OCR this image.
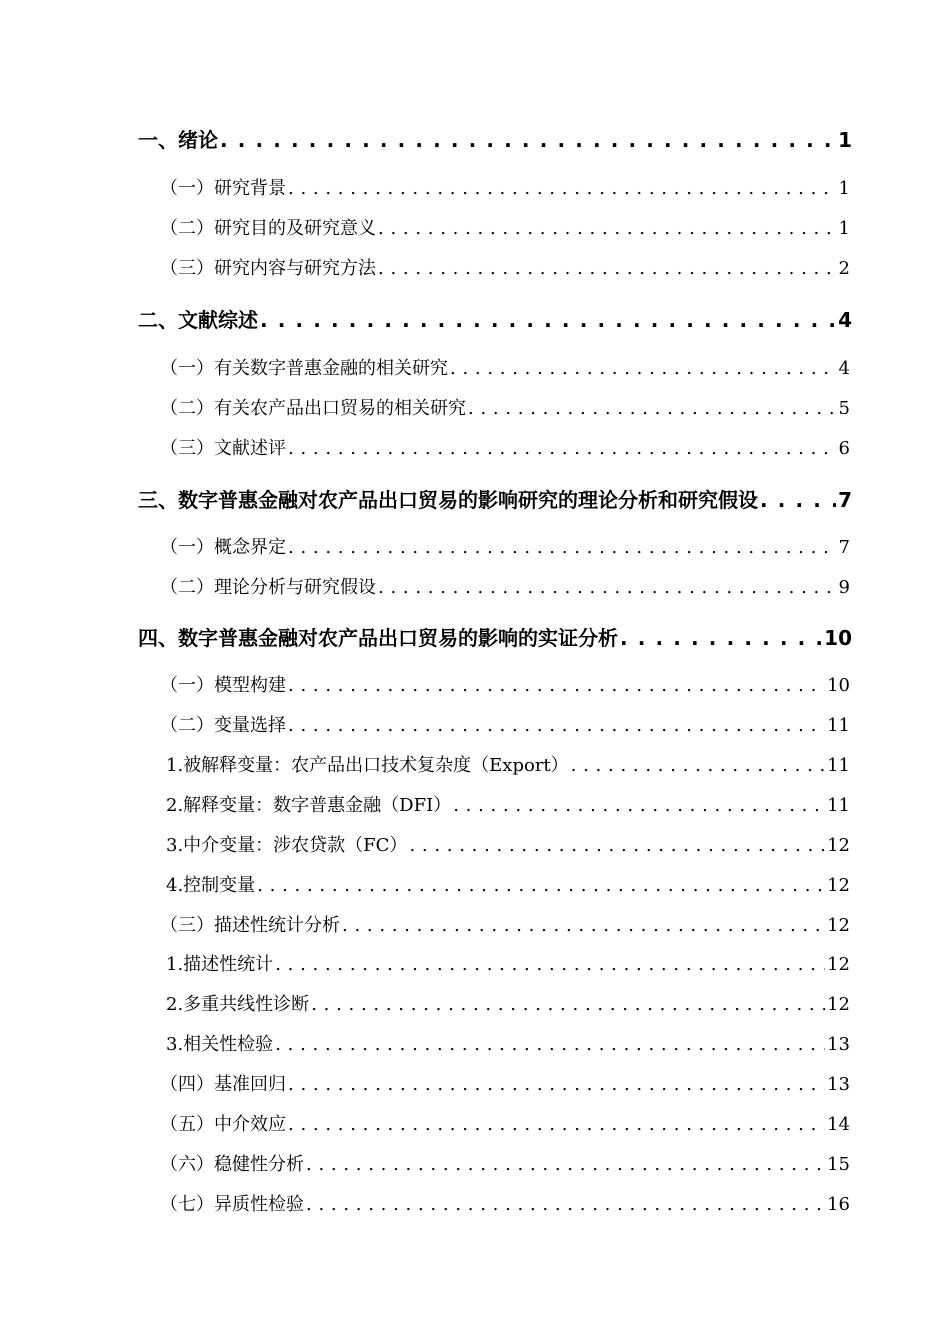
一、绪论 . . .	1
（一）研究背景 . . .	1
（二）研究目的及研究意义 . . .	1
（三）研究内容与研究方法 . . .	2
二、文献综述 . . .	4
（一）有关数字普惠金融的相关研究 . . .	4
（二）有关农产品出口贸易的相关研究 . . .	5
（三）文献述评 . . .	6
三、数字普惠金融对农产品出口贸易的影响研究的理论分析和研究假设 . . .	7
（一）概念界定 . . .	7
（二）理论分析与研究假设 . . .	9
四、数字普惠金融对农产品出口贸易的影响的实证分析 . . .	10
（一）模型构建 . . .	10
（二）变量选择 . . .	11
1.被解释变量：农产品出口技术复杂度（Export） . . .	11
2.解释变量：数字普惠金融（DFI） . . .	11
3.中介变量：涉农贷款（FC） . . .	12
4.控制变量 . . .	12
（三）描述性统计分析 . . .	12
1.描述性统计 . . .	12
2.多重共线性诊断 . . .	12
3.相关性检验 . . .	13
（四）基准回归 . . .	13
（五）中介效应 . . .	14
（六）稳健性分析 . . .	15
（七）异质性检验 . . .	16
